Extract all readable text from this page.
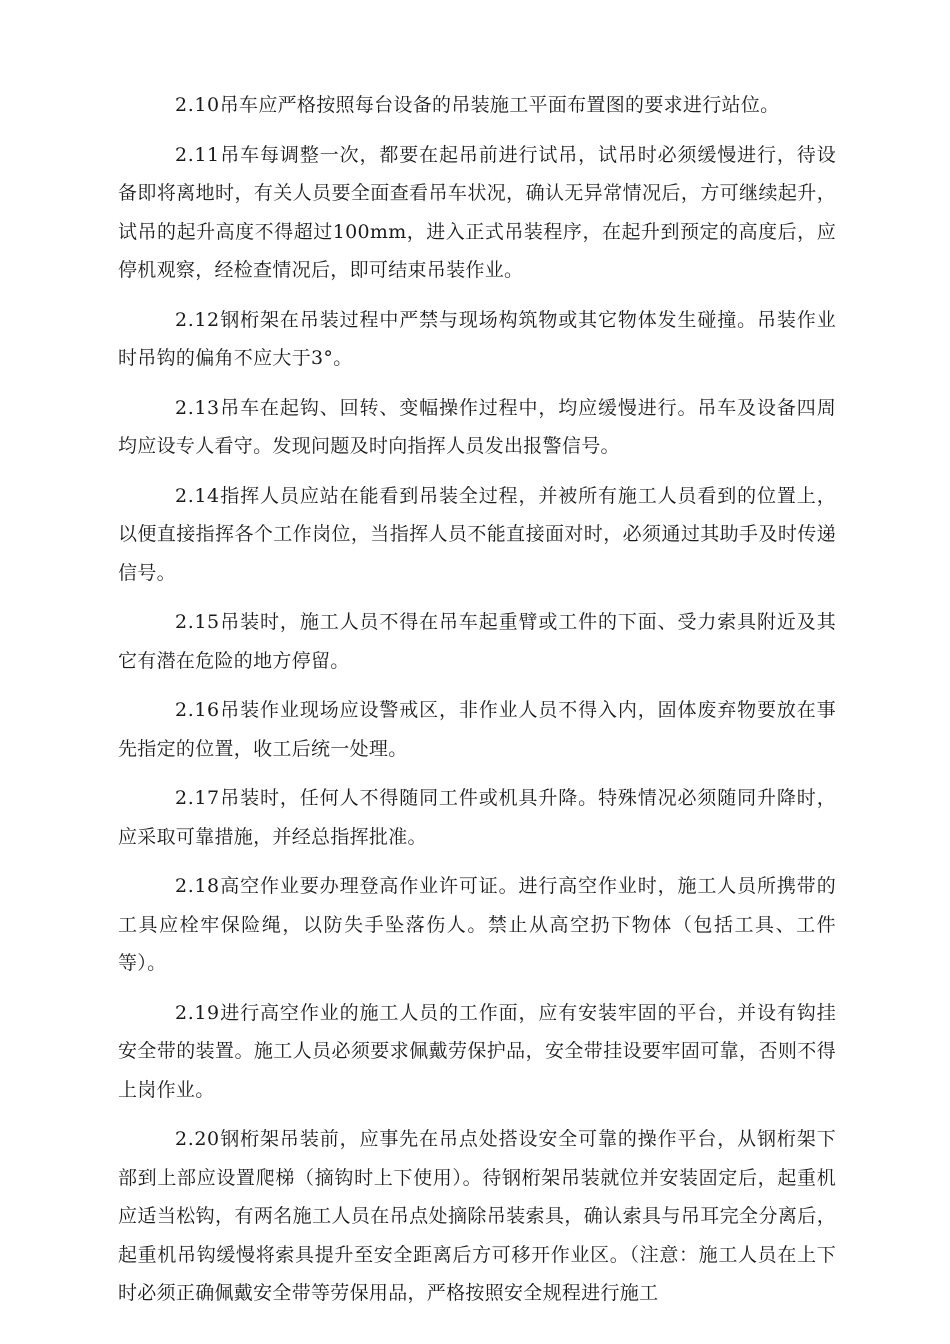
2.10吊车应严格按照每台设备的吊装施工平面布置图的要求进行站位。

2.11吊车每调整一次，都要在起吊前进行试吊，试吊时必须缓慢进行，待设备即将离地时，有关人员要全面查看吊车状况，确认无异常情况后，方可继续起升，试吊的起升高度不得超过100mm，进入正式吊装程序，在起升到预定的高度后，应停机观察，经检查情况后，即可结束吊装作业。

2.12钢桁架在吊装过程中严禁与现场构筑物或其它物体发生碰撞。吊装作业时吊钩的偏角不应大于3°。

2.13吊车在起钩、回转、变幅操作过程中，均应缓慢进行。吊车及设备四周均应设专人看守。发现问题及时向指挥人员发出报警信号。

2.14指挥人员应站在能看到吊装全过程，并被所有施工人员看到的位置上，以便直接指挥各个工作岗位，当指挥人员不能直接面对时，必须通过其助手及时传递信号。

2.15吊装时，施工人员不得在吊车起重臂或工件的下面、受力索具附近及其它有潜在危险的地方停留。

2.16吊装作业现场应设警戒区，非作业人员不得入内，固体废弃物要放在事先指定的位置，收工后统一处理。

2.17吊装时，任何人不得随同工件或机具升降。特殊情况必须随同升降时，应采取可靠措施，并经总指挥批准。

2.18高空作业要办理登高作业许可证。进行高空作业时，施工人员所携带的工具应栓牢保险绳，以防失手坠落伤人。禁止从高空扔下物体（包括工具、工件等）。

2.19进行高空作业的施工人员的工作面，应有安装牢固的平台，并设有钩挂安全带的装置。施工人员必须要求佩戴劳保护品，安全带挂设要牢固可靠，否则不得上岗作业。

2.20钢桁架吊装前，应事先在吊点处搭设安全可靠的操作平台，从钢桁架下部到上部应设置爬梯（摘钩时上下使用）。待钢桁架吊装就位并安装固定后，起重机应适当松钩，有两名施工人员在吊点处摘除吊装索具，确认索具与吊耳完全分离后，起重机吊钩缓慢将索具提升至安全距离后方可移开作业区。（注意：施工人员在上下时必须正确佩戴安全带等劳保用品，严格按照安全规程进行施工
